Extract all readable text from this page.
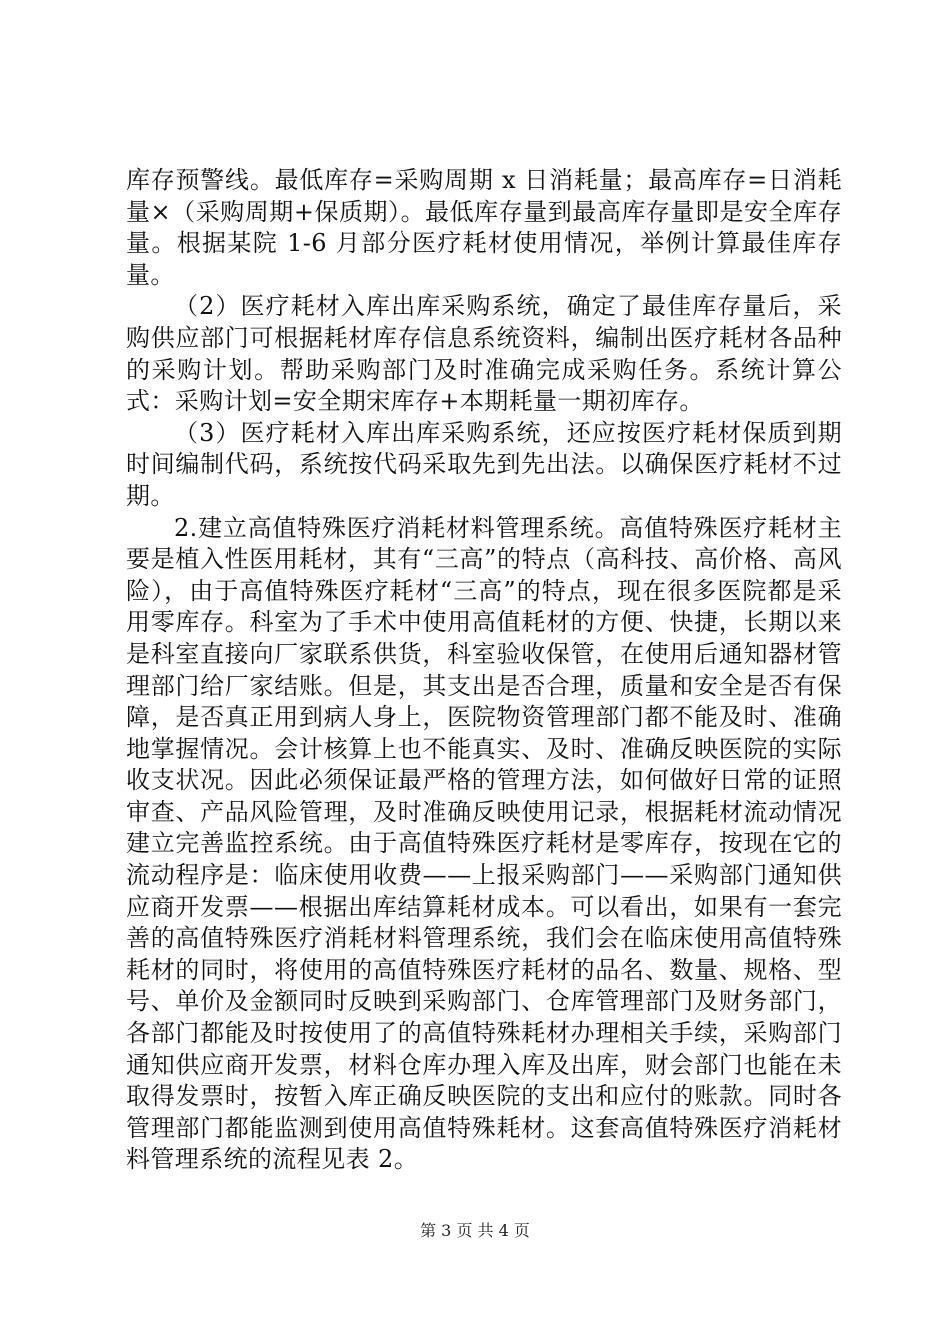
库存预警线。最低库存=采购周期 x 日消耗量；最高库存=日消耗量×（采购周期+保质期）。最低库存量到最高库存量即是安全库存量。根据某院 1-6 月部分医疗耗材使用情况，举例计算最佳库存量。

（2）医疗耗材入库出库采购系统，确定了最佳库存量后，采购供应部门可根据耗材库存信息系统资料，编制出医疗耗材各品种的采购计划。帮助采购部门及时准确完成采购任务。系统计算公式：采购计划=安全期宋库存+本期耗量一期初库存。

（3）医疗耗材入库出库采购系统，还应按医疗耗材保质到期时间编制代码，系统按代码采取先到先出法。以确保医疗耗材不过期。

2.建立高值特殊医疗消耗材料管理系统。高值特殊医疗耗材主要是植入性医用耗材，其有“三高”的特点（高科技、高价格、高风险），由于高值特殊医疗耗材“三高”的特点，现在很多医院都是采用零库存。科室为了手术中使用高值耗材的方便、快捷，长期以来是科室直接向厂家联系供货，科室验收保管，在使用后通知器材管理部门给厂家结账。但是，其支出是否合理，质量和安全是否有保障，是否真正用到病人身上，医院物资管理部门都不能及时、准确地掌握情况。会计核算上也不能真实、及时、准确反映医院的实际收支状况。因此必须保证最严格的管理方法，如何做好日常的证照审查、产品风险管理，及时准确反映使用记录，根据耗材流动情况建立完善监控系统。由于高值特殊医疗耗材是零库存，按现在它的流动程序是：临床使用收费——上报采购部门——采购部门通知供应商开发票——根据出库结算耗材成本。可以看出，如果有一套完善的高值特殊医疗消耗材料管理系统，我们会在临床使用高值特殊耗材的同时，将使用的高值特殊医疗耗材的品名、数量、规格、型号、单价及金额同时反映到采购部门、仓库管理部门及财务部门，各部门都能及时按使用了的高值特殊耗材办理相关手续，采购部门通知供应商开发票，材料仓库办理入库及出库，财会部门也能在未取得发票时，按暂入库正确反映医院的支出和应付的账款。同时各管理部门都能监测到使用高值特殊耗材。这套高值特殊医疗消耗材料管理系统的流程见表 2。

第 3 页 共 4 页
